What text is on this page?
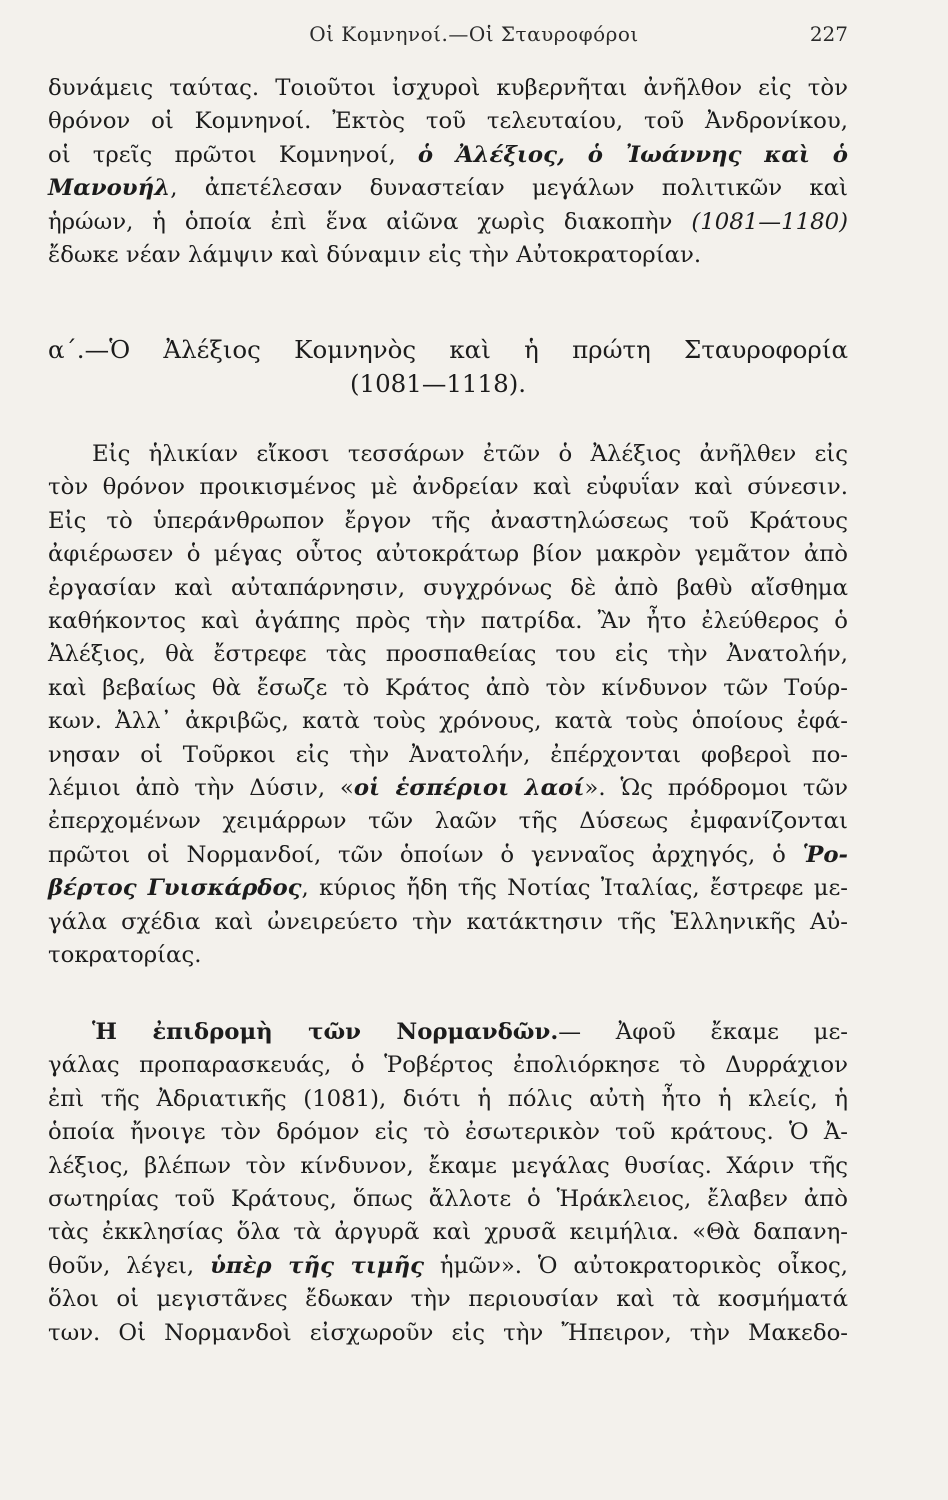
Οἱ Κομνηνοί.—Οἱ Σταυροφόροι	227
δυνάμεις ταύτας. Τοιοῦτοι ἰσχυροὶ κυβερνῆται ἀνῆλθον εἰς τὸν
θρόνον οἱ Κομνηνοί. Ἐκτὸς τοῦ τελευταίου, τοῦ Ἀνδρονίκου,
οἱ τρεῖς πρῶτοι Κομνηνοί, ὁ Ἀλέξιος, ὁ Ἰωάννης καὶ ὁ
Μανουήλ, ἀπετέλεσαν δυναστείαν μεγάλων πολιτικῶν καὶ
ἡρώων, ἡ ὁποία ἐπὶ ἕνα αἰῶνα χωρὶς διακοπὴν (1081—1180)
ἔδωκε νέαν λάμψιν καὶ δύναμιν εἰς τὴν Αὐτοκρατορίαν.
α΄.—Ὁ Ἀλέξιος Κομνηνὸς καὶ ἡ πρώτη Σταυροφορία
(1081—1118).
Εἰς ἡλικίαν εἴκοσι τεσσάρων ἐτῶν ὁ Ἀλέξιος ἀνῆλθεν εἰς
τὸν θρόνον προικισμένος μὲ ἀνδρείαν καὶ εὐφυΐαν καὶ σύνεσιν.
Εἰς τὸ ὑπεράνθρωπον ἔργον τῆς ἀναστηλώσεως τοῦ Κράτους
ἀφιέρωσεν ὁ μέγας οὗτος αὐτοκράτωρ βίον μακρὸν γεμᾶτον ἀπὸ
ἐργασίαν καὶ αὐταπάρνησιν, συγχρόνως δὲ ἀπὸ βαθὺ αἴσθημα
καθήκοντος καὶ ἀγάπης πρὸς τὴν πατρίδα. Ἂν ἦτο ἐλεύθερος ὁ
Ἀλέξιος, θὰ ἔστρεφε τὰς προσπαθείας του εἰς τὴν Ἀνατολήν,
καὶ βεβαίως θὰ ἔσωζε τὸ Κράτος ἀπὸ τὸν κίνδυνον τῶν Τούρ-
κων. Ἀλλ᾽ ἀκριβῶς, κατὰ τοὺς χρόνους, κατὰ τοὺς ὁποίους ἐφά-
νησαν οἱ Τοῦρκοι εἰς τὴν Ἀνατολήν, ἐπέρχονται φοβεροὶ πο-
λέμιοι ἀπὸ τὴν Δύσιν, «οἱ ἑσπέριοι λαοί». Ὡς πρόδρομοι τῶν
ἐπερχομένων χειμάρρων τῶν λαῶν τῆς Δύσεως ἐμφανίζονται
πρῶτοι οἱ Νορμανδοί, τῶν ὁποίων ὁ γενναῖος ἀρχηγός, ὁ Ῥο-
βέρτος Γυισκάρδος, κύριος ἤδη τῆς Νοτίας Ἰταλίας, ἔστρεφε με-
γάλα σχέδια καὶ ὠνειρεύετο τὴν κατάκτησιν τῆς Ἑλληνικῆς Αὐ-
τοκρατορίας.
Ἡ ἐπιδρομὴ τῶν Νορμανδῶν.— Ἀφοῦ ἔκαμε με-
γάλας προπαρασκευάς, ὁ Ῥοβέρτος ἐπολιόρκησε τὸ Δυρράχιον
ἐπὶ τῆς Ἀδριατικῆς (1081), διότι ἡ πόλις αὐτὴ ἦτο ἡ κλείς, ἡ
ὁποία ἤνοιγε τὸν δρόμον εἰς τὸ ἐσωτερικὸν τοῦ κράτους. Ὁ Ἀ-
λέξιος, βλέπων τὸν κίνδυνον, ἔκαμε μεγάλας θυσίας. Χάριν τῆς
σωτηρίας τοῦ Κράτους, ὅπως ἄλλοτε ὁ Ἡράκλειος, ἔλαβεν ἀπὸ
τὰς ἐκκλησίας ὅλα τὰ ἀργυρᾶ καὶ χρυσᾶ κειμήλια. «Θὰ δαπανη-
θοῦν, λέγει, ὑπὲρ τῆς τιμῆς ἡμῶν». Ὁ αὐτοκρατορικὸς οἶκος,
ὅλοι οἱ μεγιστᾶνες ἔδωκαν τὴν περιουσίαν καὶ τὰ κοσμήματά
των. Οἱ Νορμανδοὶ εἰσχωροῦν εἰς τὴν Ἤπειρον, τὴν Μακεδο-
